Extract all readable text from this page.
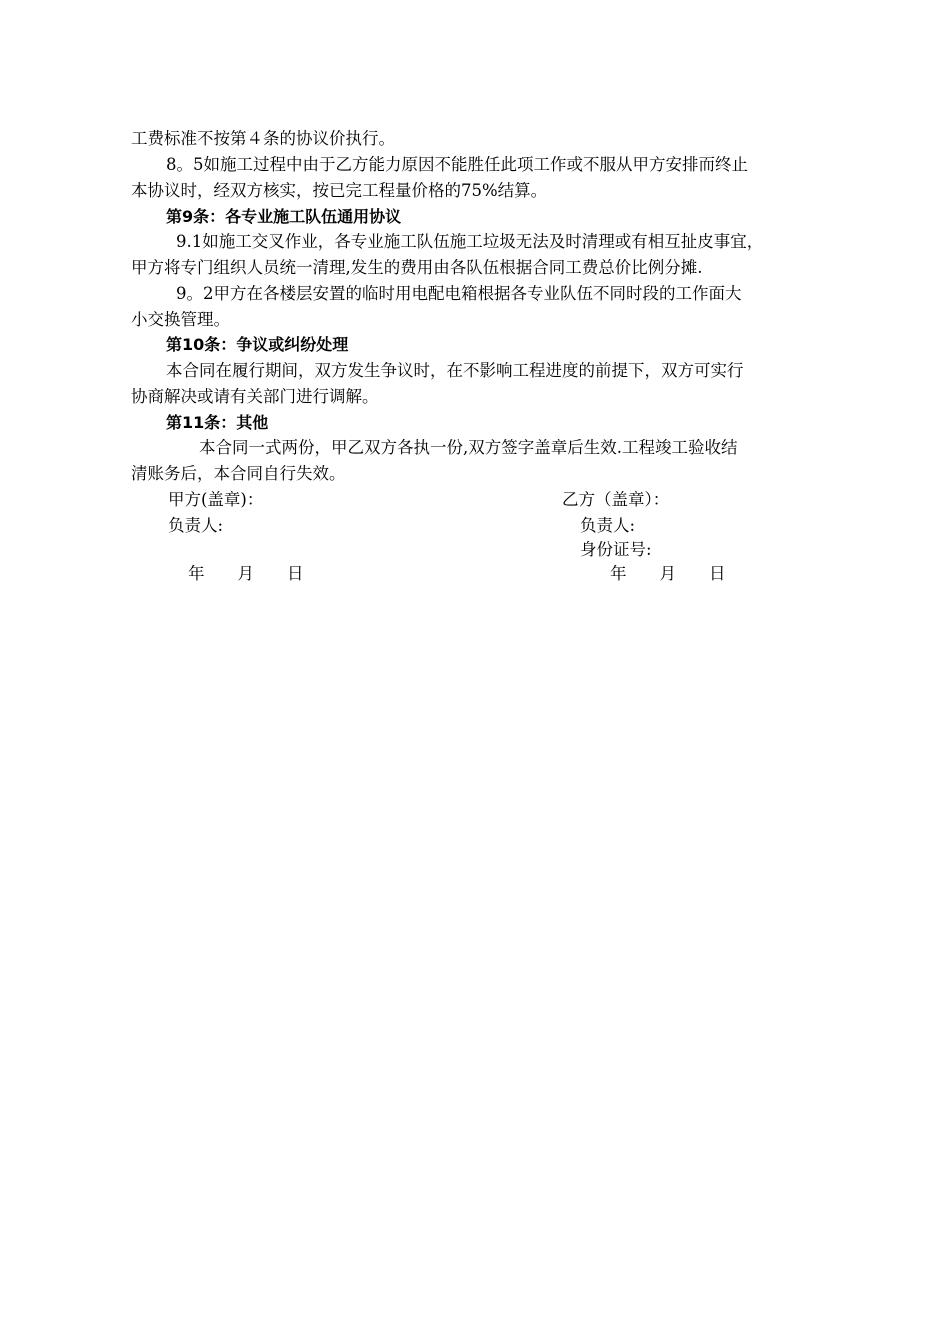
工费标准不按第４条的协议价执行。
8。5如施工过程中由于乙方能力原因不能胜任此项工作或不服从甲方安排而终止
本协议时，经双方核实，按已完工程量价格的75%结算。
第9条：各专业施工队伍通用协议
9.1如施工交叉作业，各专业施工队伍施工垃圾无法及时清理或有相互扯皮事宜，
甲方将专门组织人员统一清理,发生的费用由各队伍根据合同工费总价比例分摊.
9。2甲方在各楼层安置的临时用电配电箱根据各专业队伍不同时段的工作面大
小交换管理。
第10条：争议或纠纷处理
本合同在履行期间，双方发生争议时，在不影响工程进度的前提下，双方可实行
协商解决或请有关部门进行调解。
第11条：其他
本合同一式两份，甲乙双方各执一份,双方签字盖章后生效.工程竣工验收结
清账务后，本合同自行失效。
甲方(盖章)：	乙方（盖章）：
负责人:	负责人:
身份证号:
年　　月　　日	年　　月　　日
